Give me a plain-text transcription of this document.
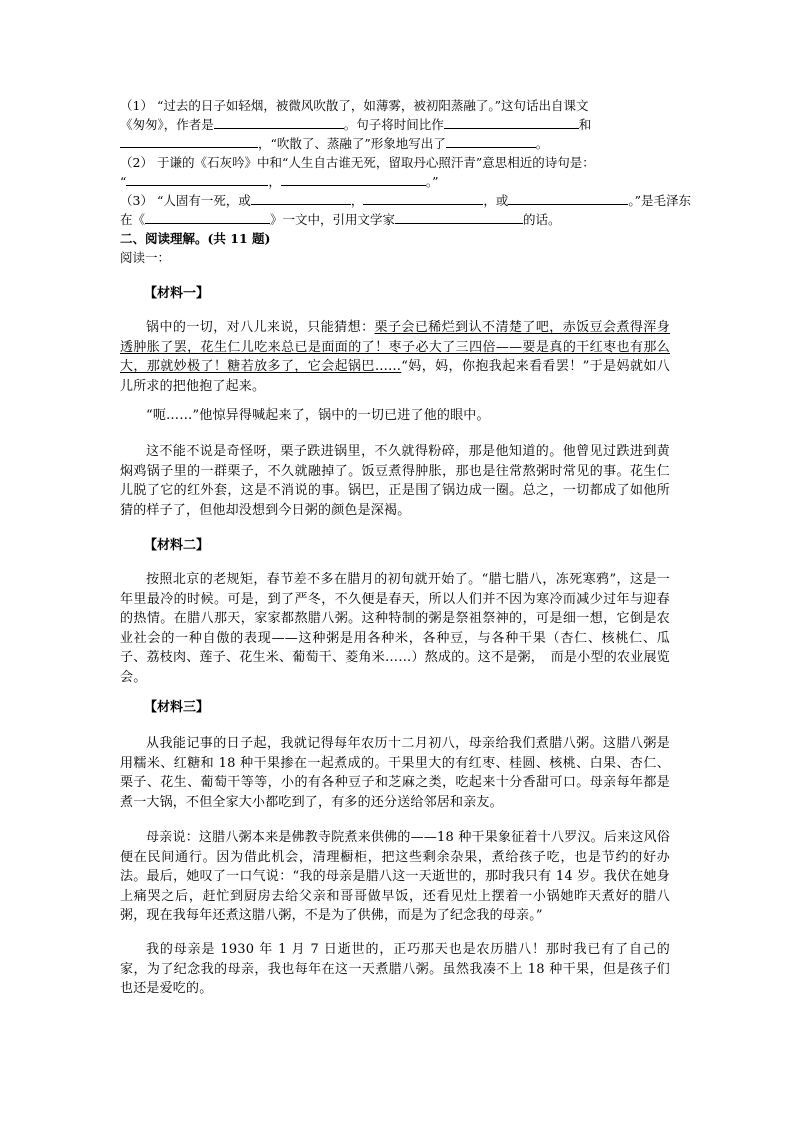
（1） “过去的日子如轻烟，被微风吹散了，如薄雾，被初阳蒸融了。”这句话出自课文
《匆匆》，作者是	。句子将时间比作	和
，“吹散了、蒸融了”形象地写出了	。
（2） 于谦的《石灰吟》中和“人生自古谁无死，留取丹心照汗青”意思相近的诗句是：
“	，	。”
（3） “人固有一死，或	，	，或	。”是毛泽东
在《	》一文中，引用文学家	的话。
二、阅读理解。(共 11 题)
阅读一：
【材料一】
锅中的一切，对八儿来说，只能猜想：栗子会已稀烂到认不清楚了吧，赤饭豆会煮得浑身透肿胀了罢，花生仁儿吃来总已是面面的了！枣子必大了三四倍——要是真的干红枣也有那么大，那就妙极了！糖若放多了，它会起锅巴……“妈，妈，你抱我起来看看罢！”于是妈就如八儿所求的把他抱了起来。
“呃……”他惊异得喊起来了，锅中的一切已进了他的眼中。
这不能不说是奇怪呀，栗子跌进锅里，不久就得粉碎，那是他知道的。他曾见过跌进到黄焖鸡锅子里的一群栗子，不久就融掉了。饭豆煮得肿胀，那也是往常熬粥时常见的事。花生仁儿脱了它的红外套，这是不消说的事。锅巴，正是围了锅边成一圈。总之，一切都成了如他所猜的样子了，但他却没想到今日粥的颜色是深褐。
【材料二】
按照北京的老规矩，春节差不多在腊月的初旬就开始了。“腊七腊八，冻死寒鸦”，这是一年里最冷的时候。可是，到了严冬，不久便是春天，所以人们并不因为寒冷而减少过年与迎春的热情。在腊八那天，家家都熬腊八粥。这种特制的粥是祭祖祭神的，可是细一想，它倒是农业社会的一种自傲的表现——这种粥是用各种米，各种豆，与各种干果（杏仁、核桃仁、瓜子、荔枝肉、莲子、花生米、葡萄干、菱角米……）熬成的。这不是粥，　而是小型的农业展览会。
【材料三】
从我能记事的日子起，我就记得每年农历十二月初八，母亲给我们煮腊八粥。这腊八粥是用糯米、红糖和 18 种干果掺在一起煮成的。干果里大的有红枣、桂圆、核桃、白果、杏仁、栗子、花生、葡萄干等等，小的有各种豆子和芝麻之类，吃起来十分香甜可口。母亲每年都是煮一大锅，不但全家大小都吃到了，有多的还分送给邻居和亲友。
母亲说：这腊八粥本来是佛教寺院煮来供佛的——18 种干果象征着十八罗汉。后来这风俗便在民间通行。因为借此机会，清理橱柜，把这些剩余杂果，煮给孩子吃，也是节约的好办法。最后，她叹了一口气说：“我的母亲是腊八这一天逝世的，那时我只有 14 岁。我伏在她身上痛哭之后，赶忙到厨房去给父亲和哥哥做早饭，还看见灶上摆着一小锅她昨天煮好的腊八粥，现在我每年还煮这腊八粥，不是为了供佛，而是为了纪念我的母亲。”
我的母亲是 1930 年 1 月 7 日逝世的，正巧那天也是农历腊八！那时我已有了自己的家，为了纪念我的母亲，我也每年在这一天煮腊八粥。虽然我凑不上 18 种干果，但是孩子们也还是爱吃的。
